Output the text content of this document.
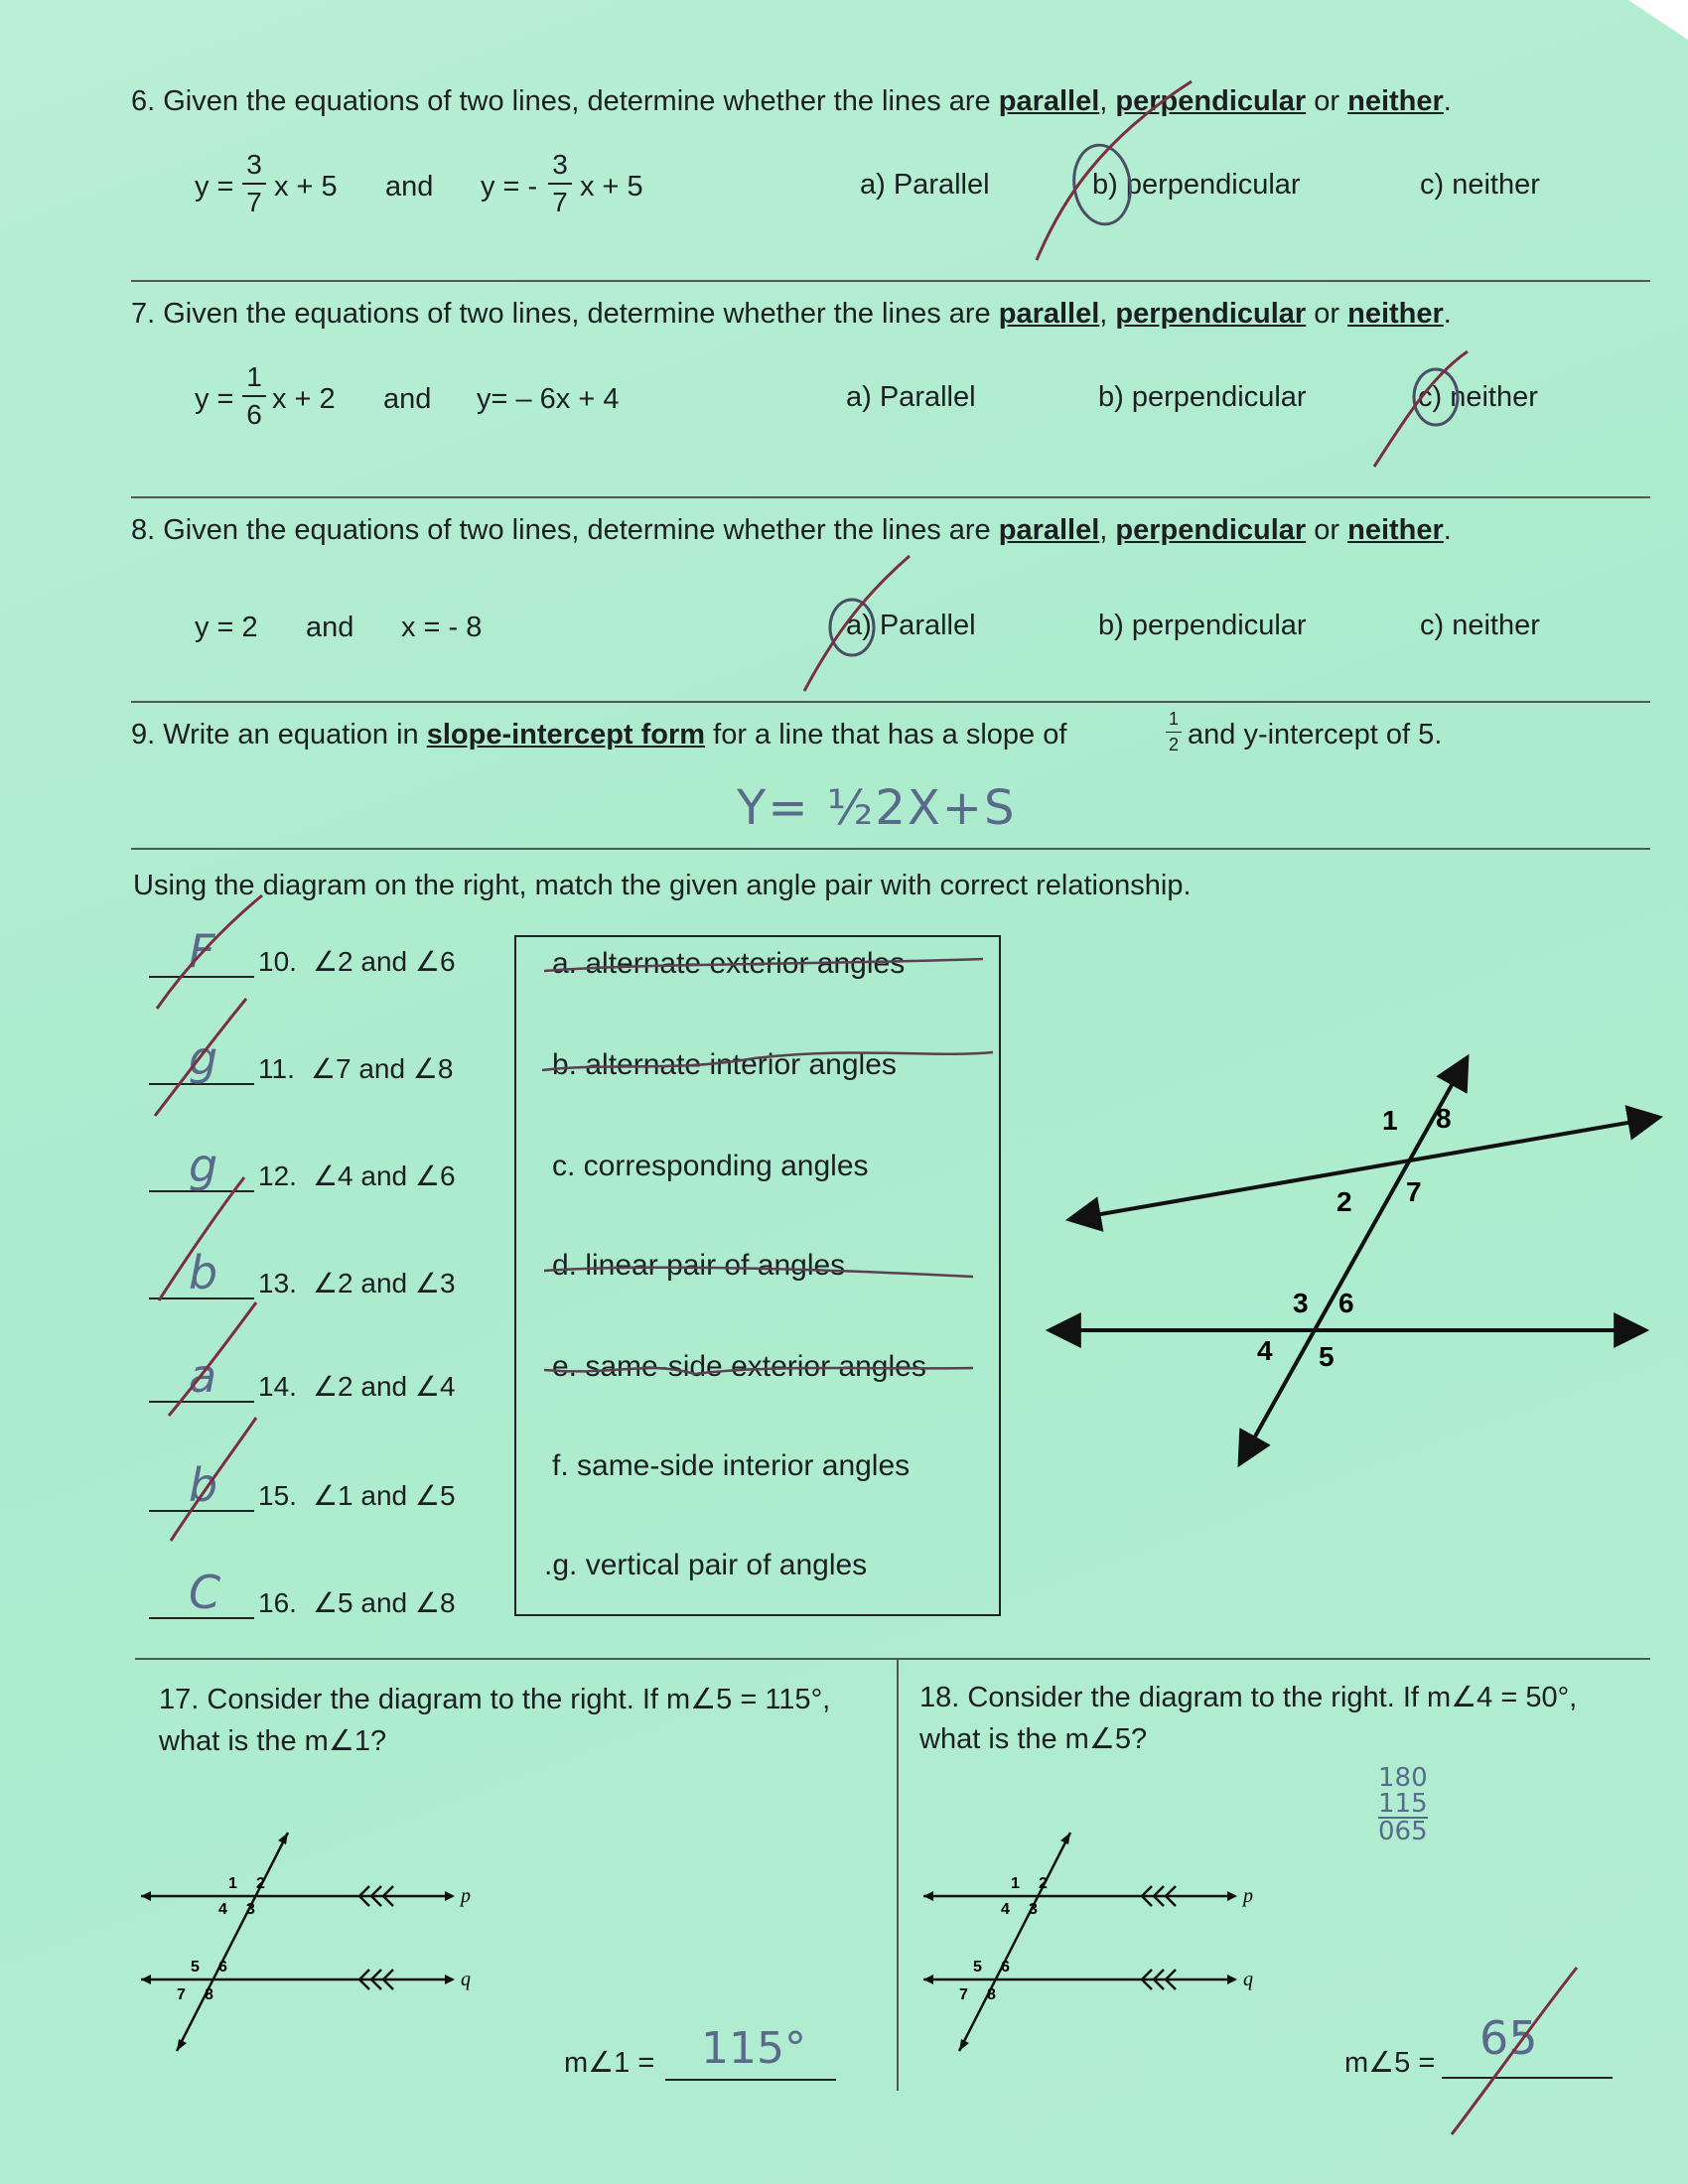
6. Given the equations of two lines, determine whether the lines are parallel, perpendicular or neither.
y =
3
7 x + 5 and y = -
3
7 x + 5	a) Parallel	b) perpendicular	c) neither
7. Given the equations of two lines, determine whether the lines are parallel, perpendicular or neither.
y =
1
6 x + 2 and y= – 6x + 4	a) Parallel	b) perpendicular	c) neither
8. Given the equations of two lines, determine whether the lines are parallel, perpendicular or neither.
y = 2 and x = - 8	a) Parallel	b) perpendicular	c) neither
9. Write an equation in slope-intercept form for a line that has a slope of	1
2 and y-intercept of 5.
Y= ½2X+S
Using the diagram on the right, match the given angle pair with correct relationship.
F 10. ∠2 and ∠6
g 11. ∠7 and ∠8
g 12. ∠4 and ∠6
b 13. ∠2 and ∠3
a 14. ∠2 and ∠4
b 15. ∠1 and ∠5
C 16. ∠5 and ∠8
a. alternate exterior angles
b. alternate interior angles
c. corresponding angles
d. linear pair of angles
e. same-side exterior angles
f. same-side interior angles
.g. vertical pair of angles
1 8
2 7
3 6
4 5
17. Consider the diagram to the right. If m∠5 = 115°,
what is the m∠1?
m∠1 = 115°
18. Consider the diagram to the right. If m∠4 = 50°,
what is the m∠5?
180
115
065
m∠5 = 65
1 2
4 3
5 6
7 8
p
q
1 2
4 3
5 6
7 8
p
q
